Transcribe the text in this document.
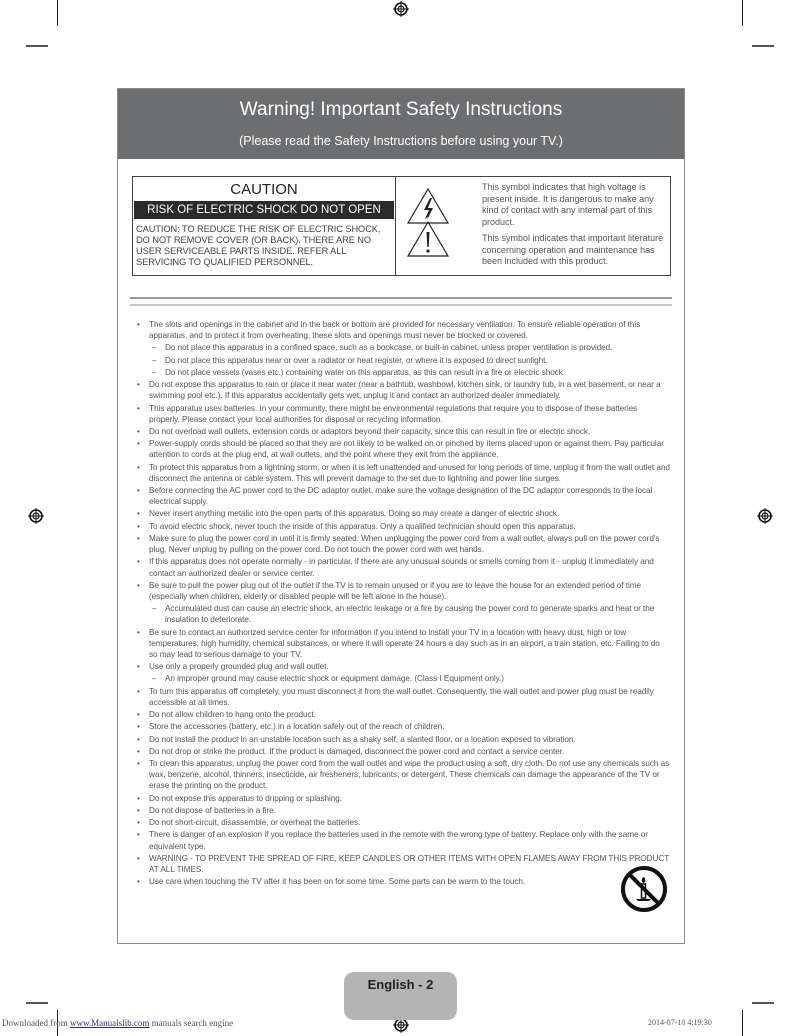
Warning! Important Safety Instructions
(Please read the Safety Instructions before using your TV.)
CAUTION
RISK OF ELECTRIC SHOCK DO NOT OPEN
CAUTION: TO REDUCE THE RISK OF ELECTRIC SHOCK, DO NOT REMOVE COVER (OR BACK). THERE ARE NO USER SERVICEABLE PARTS INSIDE. REFER ALL SERVICING TO QUALIFIED PERSONNEL.
This symbol indicates that high voltage is present inside. It is dangerous to make any kind of contact with any internal part of this product.
This symbol indicates that important literature concerning operation and maintenance has been included with this product.
• The slots and openings in the cabinet and in the back or bottom are provided for necessary ventilation. To ensure reliable operation of this apparatus, and to protect it from overheating, these slots and openings must never be blocked or covered.
– Do not place this apparatus in a confined space, such as a bookcase, or built-in cabinet, unless proper ventilation is provided.
– Do not place this apparatus near or over a radiator or heat register, or where it is exposed to direct sunlight.
– Do not place vessels (vases etc.) containing water on this apparatus, as this can result in a fire or electric shock.
• Do not expose this apparatus to rain or place it near water (near a bathtub, washbowl, kitchen sink, or laundry tub, in a wet basement, or near a swimming pool etc.). If this apparatus accidentally gets wet, unplug it and contact an authorized dealer immediately.
• This apparatus uses batteries. In your community, there might be environmental regulations that require you to dispose of these batteries properly. Please contact your local authorities for disposal or recycling information.
• Do not overload wall outlets, extension cords or adaptors beyond their capacity, since this can result in fire or electric shock.
• Power-supply cords should be placed so that they are not likely to be walked on or pinched by items placed upon or against them. Pay particular attention to cords at the plug end, at wall outlets, and the point where they exit from the appliance.
• To protect this apparatus from a lightning storm, or when it is left unattended and unused for long periods of time, unplug it from the wall outlet and disconnect the antenna or cable system. This will prevent damage to the set due to lightning and power line surges.
• Before connecting the AC power cord to the DC adaptor outlet, make sure the voltage designation of the DC adaptor corresponds to the local electrical supply.
• Never insert anything metalic into the open parts of this apparatus. Doing so may create a danger of electric shock.
• To avoid electric shock, never touch the inside of this apparatus. Only a qualified technician should open this apparatus.
• Make sure to plug the power cord in until it is firmly seated. When unplugging the power cord from a wall outlet, always pull on the power cord's plug. Never unplug by pulling on the power cord. Do not touch the power cord with wet hands.
• If this apparatus does not operate normally - in particular, if there are any unusual sounds or smells coming from it - unplug it immediately and contact an authorized dealer or service center.
• Be sure to pull the power plug out of the outlet if the TV is to remain unused or if you are to leave the house for an extended period of time (especially when children, elderly or disabled people will be left alone in the house).
– Accumulated dust can cause an electric shock, an electric leakage or a fire by causing the power cord to generate sparks and heat or the insulation to deteriorate.
• Be sure to contact an authorized service center for information if you intend to install your TV in a location with heavy dust, high or low temperatures, high humidity, chemical substances, or where it will operate 24 hours a day such as in an airport, a train station, etc. Failing to do so may lead to serious damage to your TV.
• Use only a properly grounded plug and wall outlet.
– An improper ground may cause electric shock or equipment damage. (Class I Equipment only.)
• To turn this apparatus off completely, you must disconnect it from the wall outlet. Consequently, the wall outlet and power plug must be readily accessible at all times.
• Do not allow children to hang onto the product.
• Store the accessories (battery, etc.) in a location safely out of the reach of children.
• Do not install the product in an unstable location such as a shaky self, a slanted floor, or a location exposed to vibration.
• Do not drop or strike the product. If the product is damaged, disconnect the power cord and contact a service center.
• To clean this apparatus, unplug the power cord from the wall outlet and wipe the product using a soft, dry cloth. Do not use any chemicals such as wax, benzene, alcohol, thinners, insecticide, air fresheners, lubricants, or detergent. These chemicals can damage the appearance of the TV or erase the printing on the product.
• Do not expose this apparatus to dripping or splashing.
• Do not dispose of batteries in a fire.
• Do not short-circuit, disassemble, or overheat the batteries.
• There is danger of an explosion if you replace the batteries used in the remote with the wrong type of battery. Replace only with the same or equivalent type.
• WARNING - TO PREVENT THE SPREAD OF FIRE, KEEP CANDLES OR OTHER ITEMS WITH OPEN FLAMES AWAY FROM THIS PRODUCT AT ALL TIMES.
• Use care when touching the TV after it has been on for some time. Some parts can be warm to the touch.
English - 2
Downloaded from www.Manualslib.com manuals search engine	2014-07-10 4:19:30
